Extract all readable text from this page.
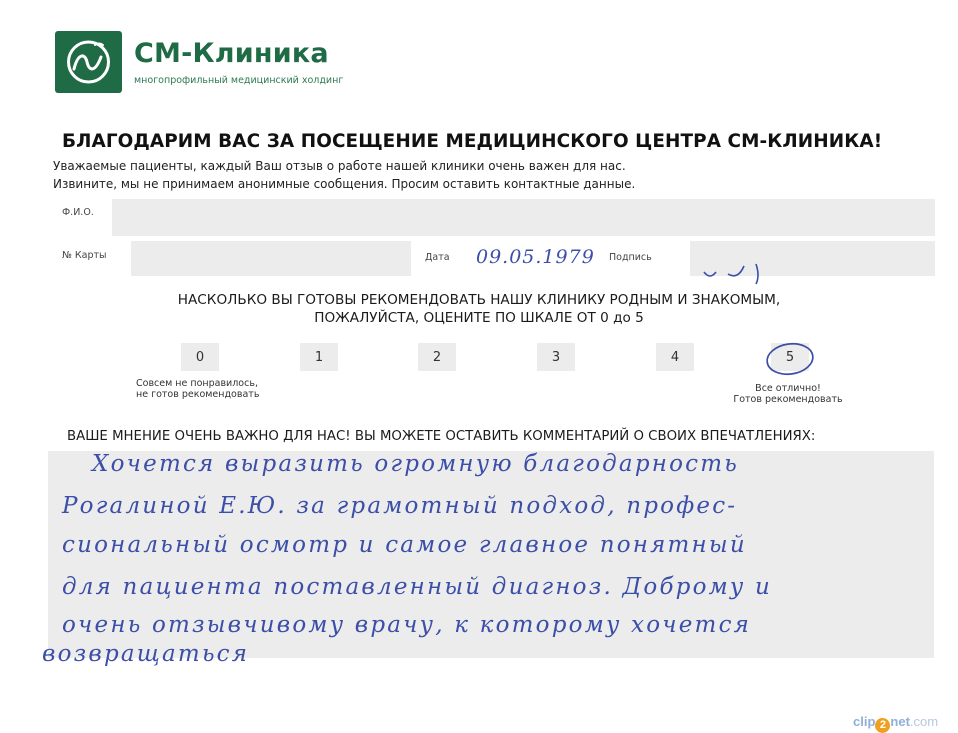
СМ-Клиника
многопрофильный медицинский холдинг
БЛАГОДАРИМ ВАС ЗА ПОСЕЩЕНИЕ МЕДИЦИНСКОГО ЦЕНТРА СМ-КЛИНИКА!
Уважаемые пациенты, каждый Ваш отзыв о работе нашей клиники очень важен для нас.
Извините, мы не принимаем анонимные сообщения. Просим оставить контактные данные.
Ф.И.О.
№ Карты	Дата 09.05.1979 Подпись
НАСКОЛЬКО ВЫ ГОТОВЫ РЕКОМЕНДОВАТЬ НАШУ КЛИНИКУ РОДНЫМ И ЗНАКОМЫМ,
ПОЖАЛУЙСТА, ОЦЕНИТЕ ПО ШКАЛЕ ОТ 0 до 5
0	1	2	3	4	5
Совсем не понравилось,
не готов рекомендовать
Все отлично!
Готов рекомендовать
ВАШЕ МНЕНИЕ ОЧЕНЬ ВАЖНО ДЛЯ НАС! ВЫ МОЖЕТЕ ОСТАВИТЬ КОММЕНТАРИЙ О СВОИХ ВПЕЧАТЛЕНИЯХ:
Хочется выразить огромную благодарность
Рогалиной Е.Ю. за грамотный подход, профес-
сиональный осмотр и самое главное понятный
для пациента поставленный диагноз. Доброму и
очень отзывчивому врачу, к которому хочется
возвращаться
clip 2 net.com
